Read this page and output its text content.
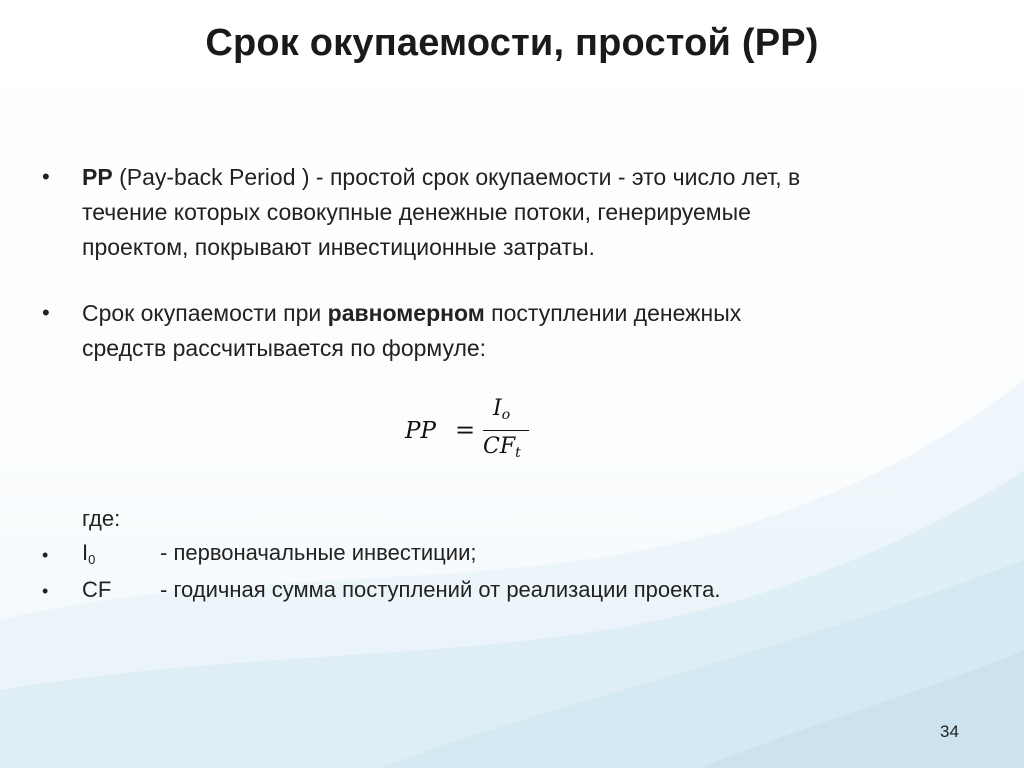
Срок окупаемости, простой (PP)
• PP (Pay-back Period ) - простой срок окупаемости - это число лет, в
течение которых совокупные денежные потоки, генерируемые
проектом, покрывают инвестиционные затраты.
• Срок окупаемости при равномерном поступлении денежных
средств рассчитывается по формуле:
PP =
$I_o$
$CF_t$
где:
• $I_0$	- первоначальные инвестиции;
• CF - годичная сумма поступлений от реализации проекта.
34
